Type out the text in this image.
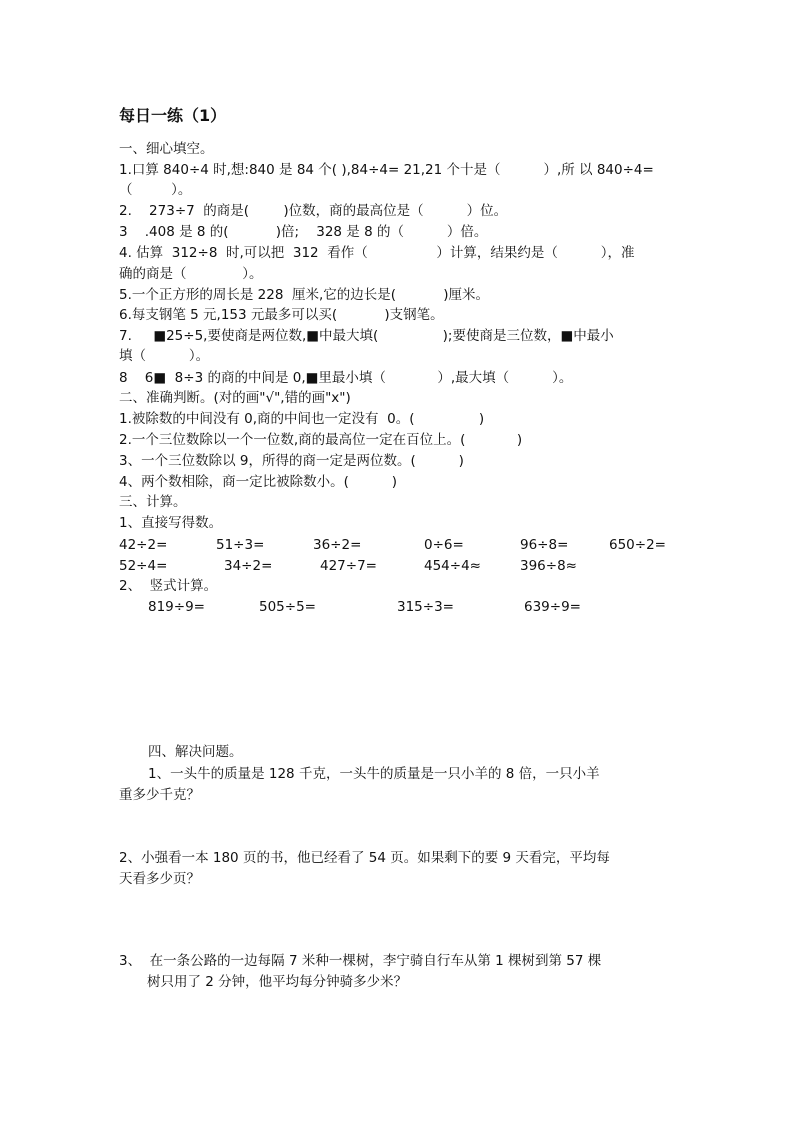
每日一练（1）
一、细心填空。
1.口算 840÷4 时,想:840 是 84 个( ),84÷4= 21,21 个十是（          ）,所 以 840÷4=
（         ）。
2.    273÷7  的商是(        )位数，商的最高位是（          ）位。
3    .408 是 8 的(           )倍;    328 是 8 的（          ）倍。
4. 估算  312÷8  时,可以把  312  看作（                ）计算，结果约是（          ），准
确的商是（             ）。
5.一个正方形的周长是 228  厘米,它的边长是(           )厘米。
6.每支钢笔 5 元,153 元最多可以买(           )支钢笔。
7.     ■25÷5,要使商是两位数,■中最大填(               );要使商是三位数，■中最小
填（          ）。
8    6■  8÷3 的商的中间是 0,■里最小填（            ）,最大填（          ）。
二、准确判断。(对的画"√",错的画"x")
1.被除数的中间没有 0,商的中间也一定没有  0。(               )
2.一个三位数除以一个一位数,商的最高位一定在百位上。(            )
3、一个三位数除以 9，所得的商一定是两位数。(          )
4、两个数相除，商一定比被除数小。(          )
三、计算。
1、直接写得数。
42÷2=	51÷3=	36÷2=	0÷6=	96÷8=	650÷2=
52÷4=	34÷2=	427÷7=	454÷4≈	396÷8≈
2、  竖式计算。
819÷9=	505÷5=	315÷3=	639÷9=
四、解决问题。
1、一头牛的质量是 128 千克，一头牛的质量是一只小羊的 8 倍，一只小羊
重多少千克？
2、小强看一本 180 页的书，他已经看了 54 页。如果剩下的要 9 天看完，平均每
天看多少页？
3、  在一条公路的一边每隔 7 米种一棵树，李宁骑自行车从第 1 棵树到第 57 棵
树只用了 2 分钟，他平均每分钟骑多少米？
